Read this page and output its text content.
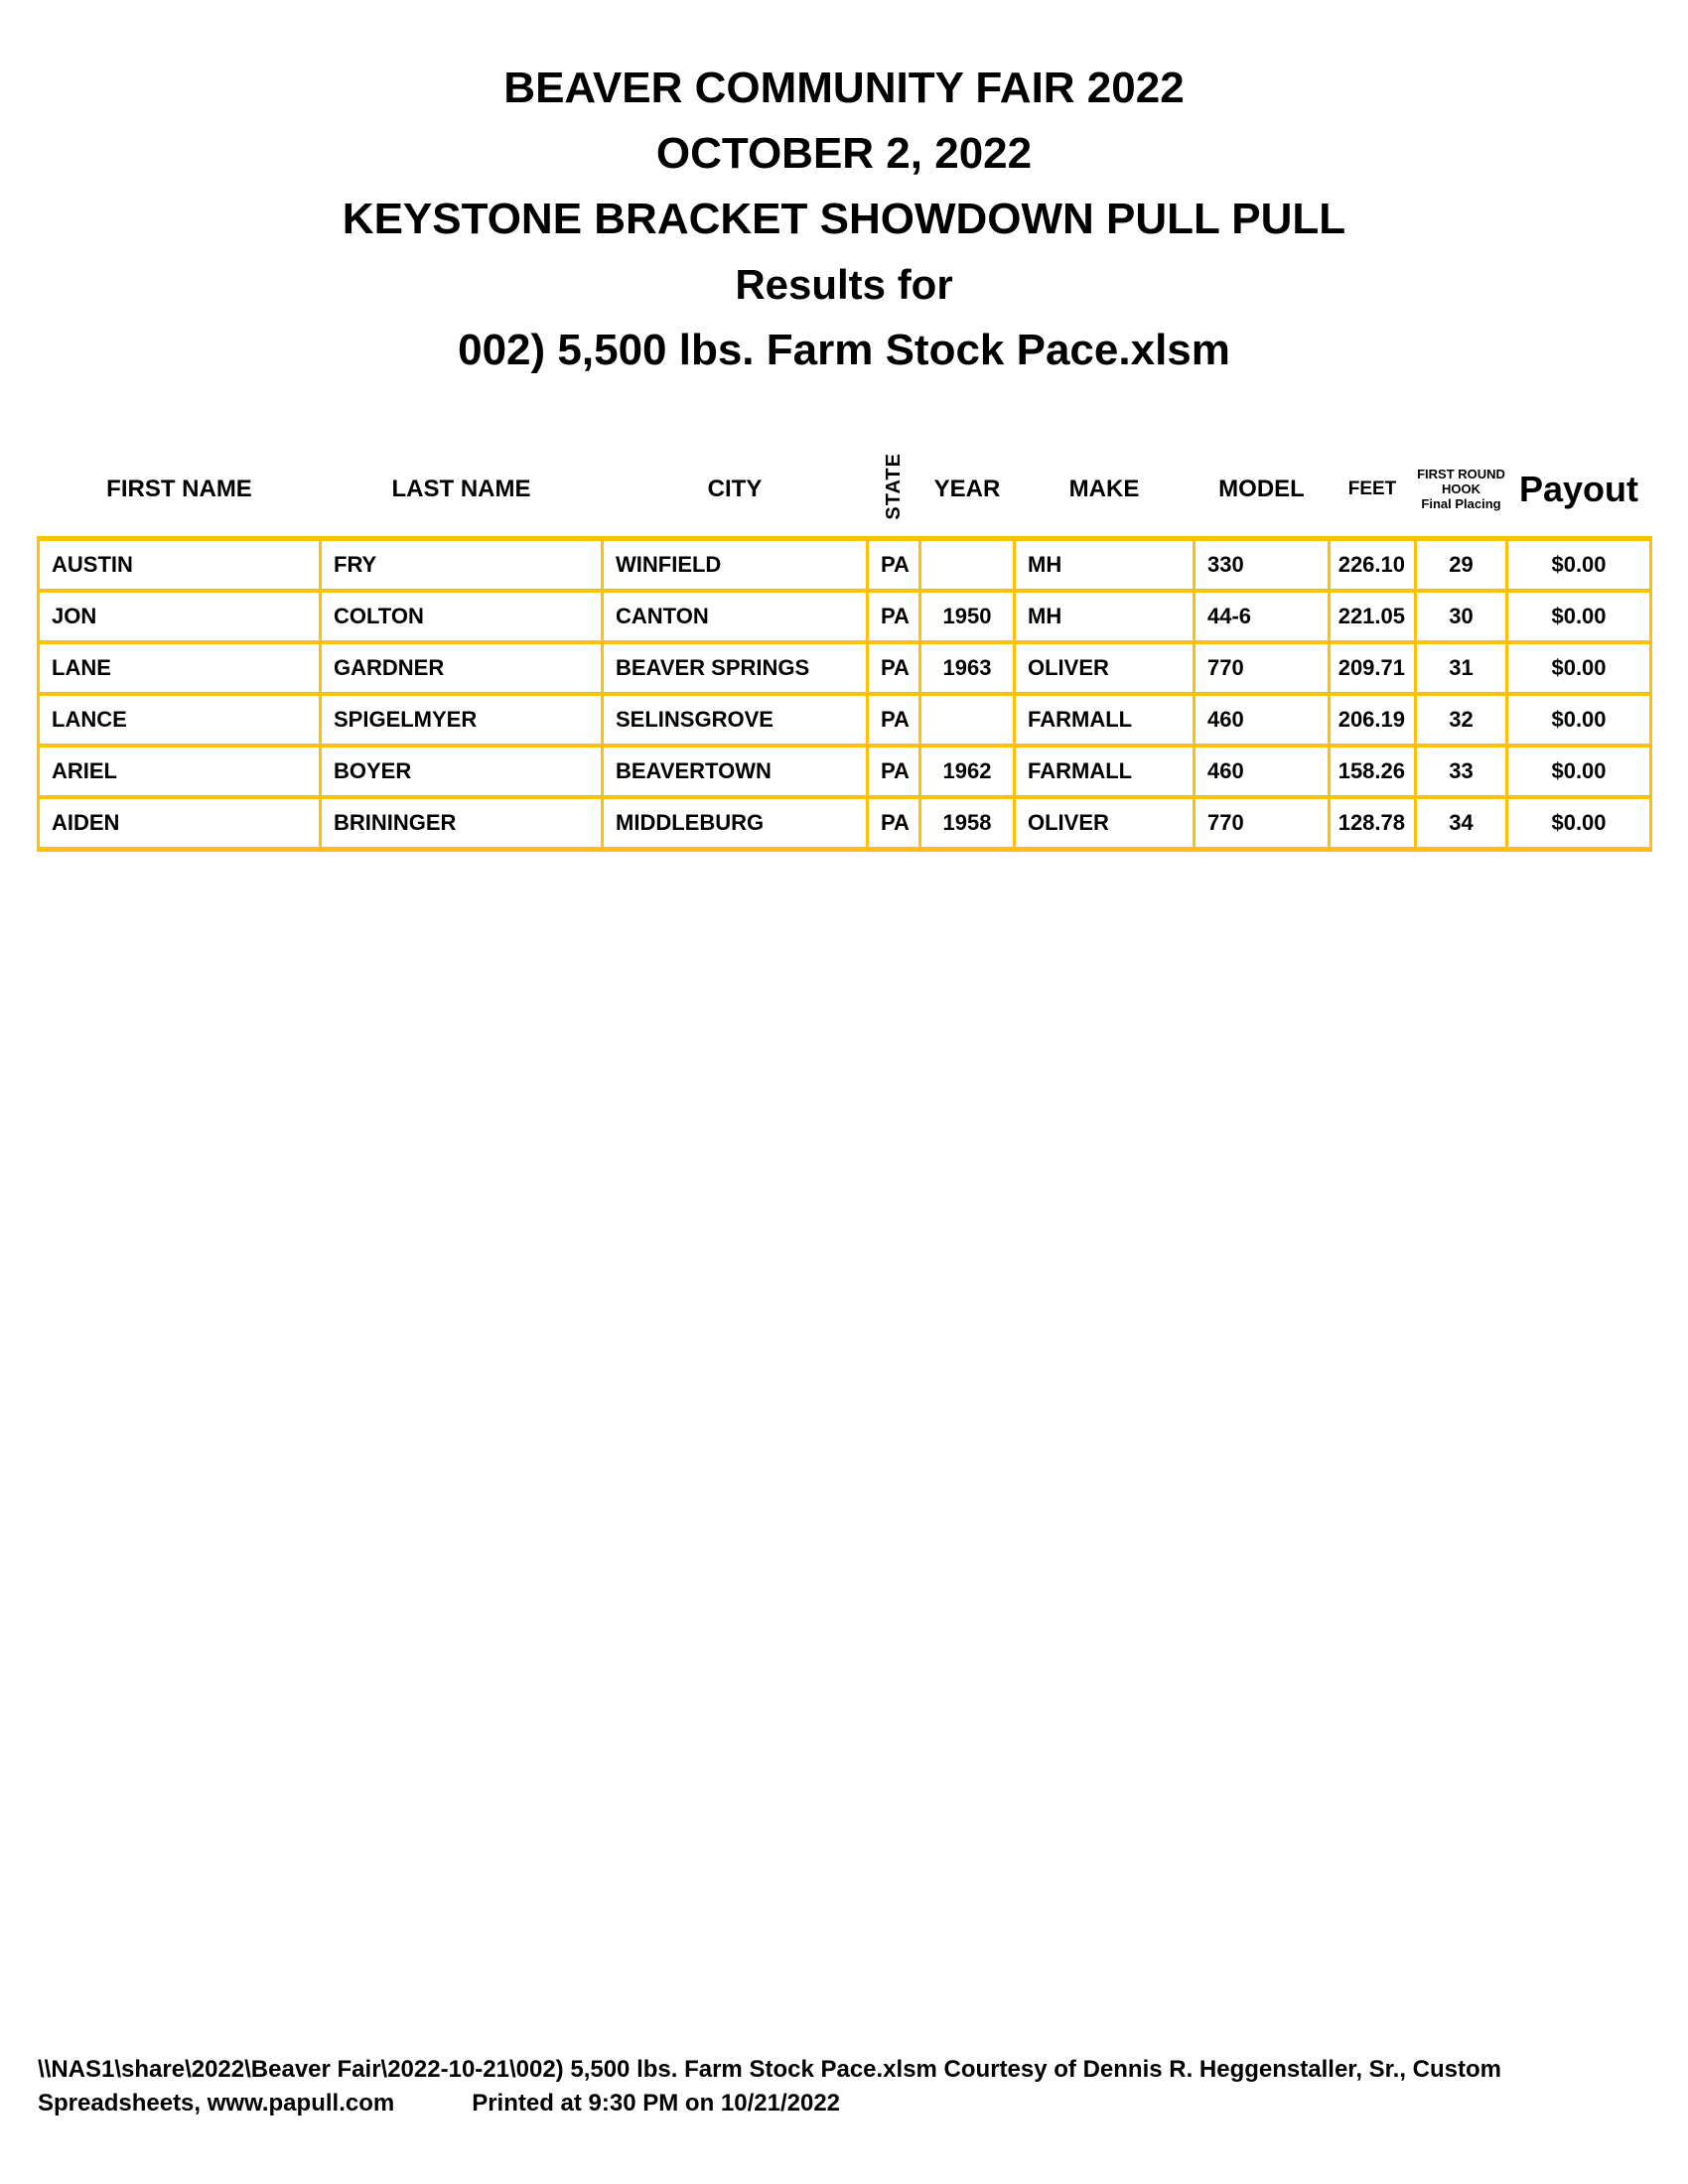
BEAVER COMMUNITY FAIR 2022
OCTOBER 2, 2022
KEYSTONE BRACKET SHOWDOWN PULL PULL
Results for
002) 5,500 lbs. Farm Stock Pace.xlsm
FIRST NAME	LAST NAME	CITY	STATE	YEAR	MAKE	MODEL	FEET	FIRST ROUND
HOOK
Final Placing	Payout
AUSTIN	FRY	WINFIELD	PA		MH	330	226.10	29	$0.00
JON	COLTON	CANTON	PA	1950	MH	44-6	221.05	30	$0.00
LANE	GARDNER	BEAVER SPRINGS	PA	1963	OLIVER	770	209.71	31	$0.00
LANCE	SPIGELMYER	SELINSGROVE	PA		FARMALL	460	206.19	32	$0.00
ARIEL	BOYER	BEAVERTOWN	PA	1962	FARMALL	460	158.26	33	$0.00
AIDEN	BRININGER	MIDDLEBURG	PA	1958	OLIVER	770	128.78	34	$0.00
\\NAS1\share\2022\Beaver Fair\2022-10-21\002) 5,500 lbs. Farm Stock Pace.xlsm Courtesy of Dennis R. Heggenstaller, Sr., Custom
Spreadsheets, www.papull.com	Printed at 9:30 PM on 10/21/2022
